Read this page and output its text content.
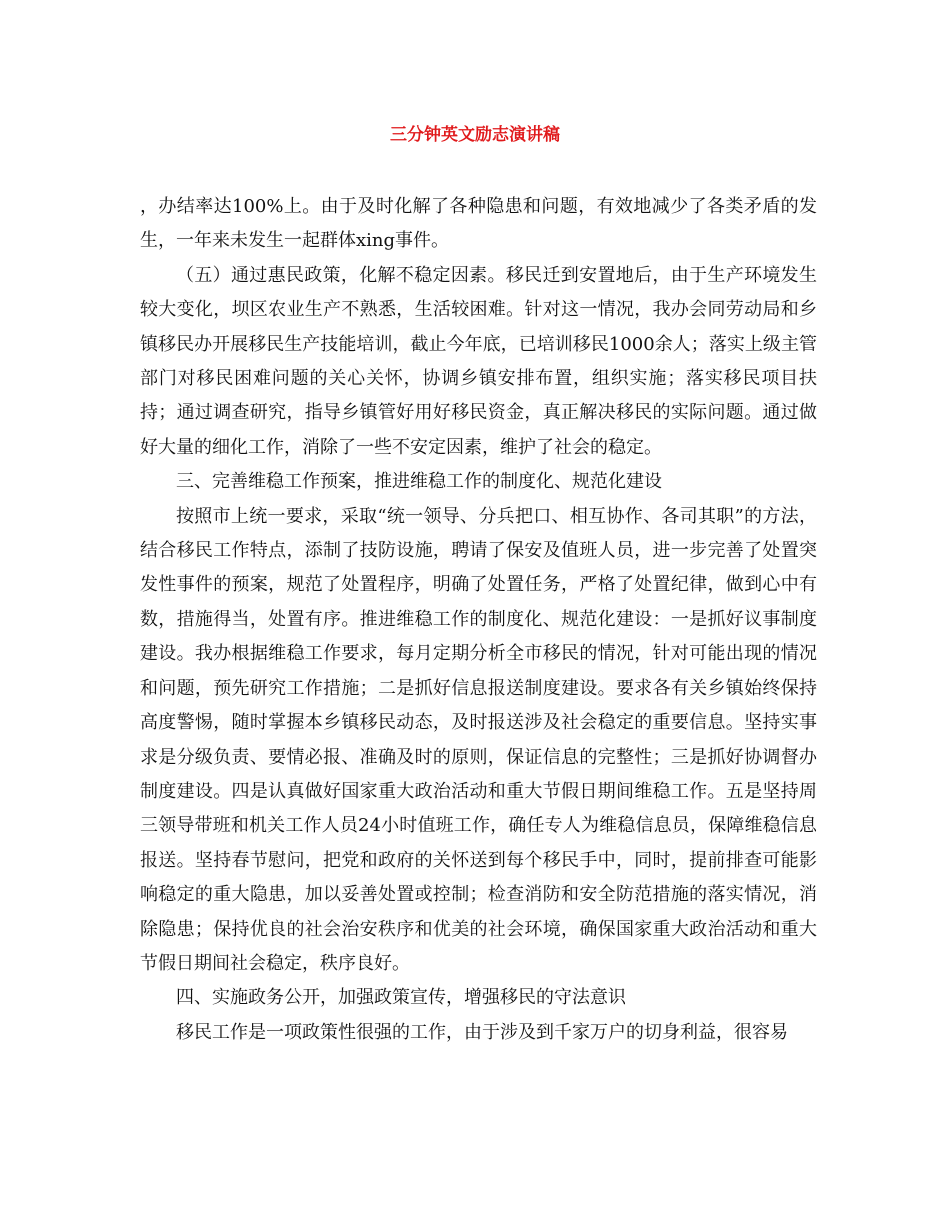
三分钟英文励志演讲稿

，办结率达100%上。由于及时化解了各种隐患和问题，有效地减少了各类矛盾的发生，一年来未发生一起群体xing事件。

（五）通过惠民政策，化解不稳定因素。移民迁到安置地后，由于生产环境发生较大变化，坝区农业生产不熟悉，生活较困难。针对这一情况，我办会同劳动局和乡镇移民办开展移民生产技能培训，截止今年底，已培训移民1000余人；落实上级主管部门对移民困难问题的关心关怀，协调乡镇安排布置，组织实施；落实移民项目扶持；通过调查研究，指导乡镇管好用好移民资金，真正解决移民的实际问题。通过做好大量的细化工作，消除了一些不安定因素，维护了社会的稳定。

三、完善维稳工作预案，推进维稳工作的制度化、规范化建设

按照市上统一要求，采取“统一领导、分兵把口、相互协作、各司其职”的方法，结合移民工作特点，添制了技防设施，聘请了保安及值班人员，进一步完善了处置突发性事件的预案，规范了处置程序，明确了处置任务，严格了处置纪律，做到心中有数，措施得当，处置有序。推进维稳工作的制度化、规范化建设：一是抓好议事制度建设。我办根据维稳工作要求，每月定期分析全市移民的情况，针对可能出现的情况和问题，预先研究工作措施；二是抓好信息报送制度建设。要求各有关乡镇始终保持高度警惕，随时掌握本乡镇移民动态，及时报送涉及社会稳定的重要信息。坚持实事求是分级负责、要情必报、准确及时的原则，保证信息的完整性；三是抓好协调督办制度建设。四是认真做好国家重大政治活动和重大节假日期间维稳工作。五是坚持周三领导带班和机关工作人员24小时值班工作，确任专人为维稳信息员，保障维稳信息报送。坚持春节慰问，把党和政府的关怀送到每个移民手中，同时，提前排查可能影响稳定的重大隐患，加以妥善处置或控制；检查消防和安全防范措施的落实情况，消除隐患；保持优良的社会治安秩序和优美的社会环境，确保国家重大政治活动和重大节假日期间社会稳定，秩序良好。

四、实施政务公开，加强政策宣传，增强移民的守法意识

移民工作是一项政策性很强的工作，由于涉及到千家万户的切身利益，很容易
